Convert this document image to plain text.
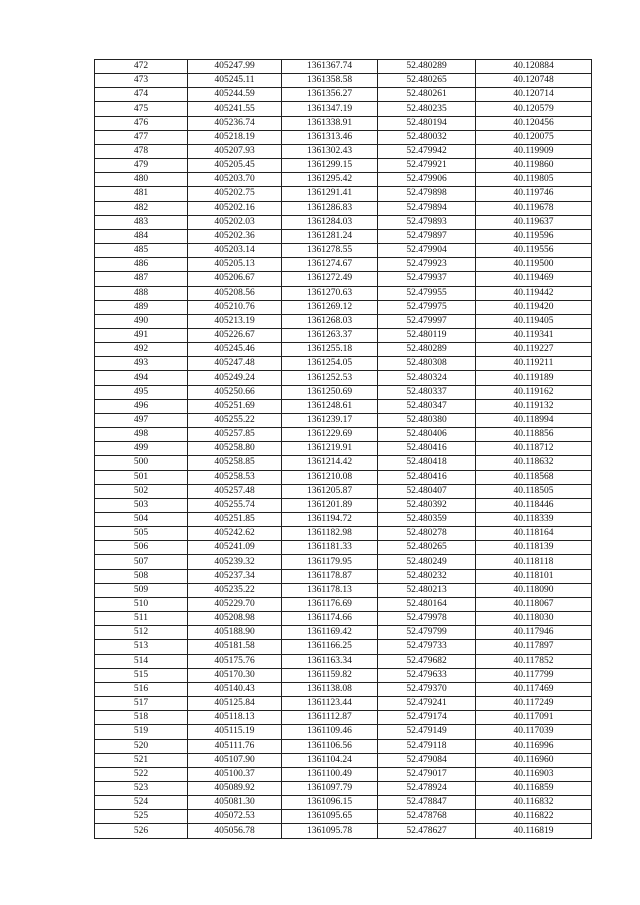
472	405247.99	1361367.74	52.480289	40.120884
473	405245.11	1361358.58	52.480265	40.120748
474	405244.59	1361356.27	52.480261	40.120714
475	405241.55	1361347.19	52.480235	40.120579
476	405236.74	1361338.91	52.480194	40.120456
477	405218.19	1361313.46	52.480032	40.120075
478	405207.93	1361302.43	52.479942	40.119909
479	405205.45	1361299.15	52.479921	40.119860
480	405203.70	1361295.42	52.479906	40.119805
481	405202.75	1361291.41	52.479898	40.119746
482	405202.16	1361286.83	52.479894	40.119678
483	405202.03	1361284.03	52.479893	40.119637
484	405202.36	1361281.24	52.479897	40.119596
485	405203.14	1361278.55	52.479904	40.119556
486	405205.13	1361274.67	52.479923	40.119500
487	405206.67	1361272.49	52.479937	40.119469
488	405208.56	1361270.63	52.479955	40.119442
489	405210.76	1361269.12	52.479975	40.119420
490	405213.19	1361268.03	52.479997	40.119405
491	405226.67	1361263.37	52.480119	40.119341
492	405245.46	1361255.18	52.480289	40.119227
493	405247.48	1361254.05	52.480308	40.119211
494	405249.24	1361252.53	52.480324	40.119189
495	405250.66	1361250.69	52.480337	40.119162
496	405251.69	1361248.61	52.480347	40.119132
497	405255.22	1361239.17	52.480380	40.118994
498	405257.85	1361229.69	52.480406	40.118856
499	405258.80	1361219.91	52.480416	40.118712
500	405258.85	1361214.42	52.480418	40.118632
501	405258.53	1361210.08	52.480416	40.118568
502	405257.48	1361205.87	52.480407	40.118505
503	405255.74	1361201.89	52.480392	40.118446
504	405251.85	1361194.72	52.480359	40.118339
505	405242.62	1361182.98	52.480278	40.118164
506	405241.09	1361181.33	52.480265	40.118139
507	405239.32	1361179.95	52.480249	40.118118
508	405237.34	1361178.87	52.480232	40.118101
509	405235.22	1361178.13	52.480213	40.118090
510	405229.70	1361176.69	52.480164	40.118067
511	405208.98	1361174.66	52.479978	40.118030
512	405188.90	1361169.42	52.479799	40.117946
513	405181.58	1361166.25	52.479733	40.117897
514	405175.76	1361163.34	52.479682	40.117852
515	405170.30	1361159.82	52.479633	40.117799
516	405140.43	1361138.08	52.479370	40.117469
517	405125.84	1361123.44	52.479241	40.117249
518	405118.13	1361112.87	52.479174	40.117091
519	405115.19	1361109.46	52.479149	40.117039
520	405111.76	1361106.56	52.479118	40.116996
521	405107.90	1361104.24	52.479084	40.116960
522	405100.37	1361100.49	52.479017	40.116903
523	405089.92	1361097.79	52.478924	40.116859
524	405081.30	1361096.15	52.478847	40.116832
525	405072.53	1361095.65	52.478768	40.116822
526	405056.78	1361095.78	52.478627	40.116819
